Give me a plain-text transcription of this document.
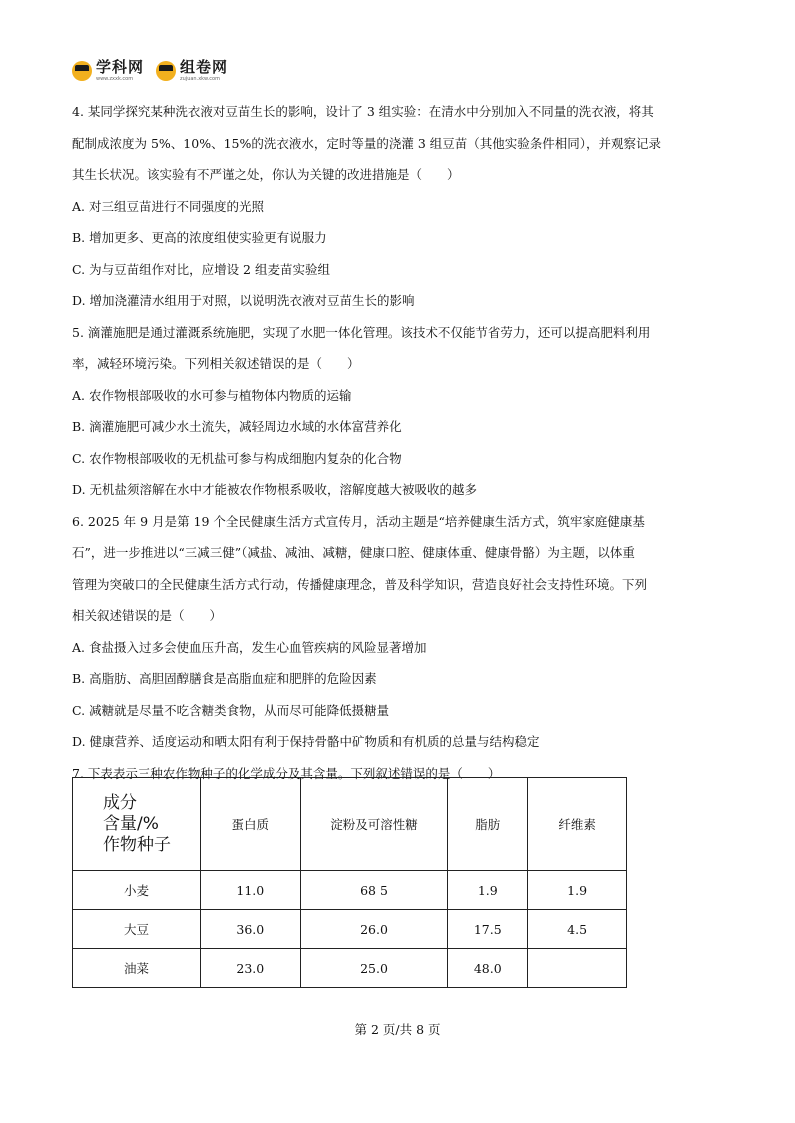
学科网
www.zxxk.com
组卷网
zujuan.xkw.com

4. 某同学探究某种洗衣液对豆苗生长的影响，设计了 3 组实验：在清水中分别加入不同量的洗衣液，将其

配制成浓度为 5%、10%、15%的洗衣液水，定时等量的浇灌 3 组豆苗（其他实验条件相同），并观察记录

其生长状况。该实验有不严谨之处，你认为关键的改进措施是（　　）

A. 对三组豆苗进行不同强度的光照

B. 增加更多、更高的浓度组使实验更有说服力

C. 为与豆苗组作对比，应增设 2 组麦苗实验组

D. 增加浇灌清水组用于对照，以说明洗衣液对豆苗生长的影响

5. 滴灌施肥是通过灌溉系统施肥，实现了水肥一体化管理。该技术不仅能节省劳力，还可以提高肥料利用

率，减轻环境污染。下列相关叙述错误的是（　　）

A. 农作物根部吸收的水可参与植物体内物质的运输

B. 滴灌施肥可减少水土流失，减轻周边水域的水体富营养化

C. 农作物根部吸收的无机盐可参与构成细胞内复杂的化合物

D. 无机盐须溶解在水中才能被农作物根系吸收，溶解度越大被吸收的越多

6. 2025 年 9 月是第 19 个全民健康生活方式宣传月，活动主题是“培养健康生活方式，筑牢家庭健康基

石”，进一步推进以“三减三健”（减盐、减油、减糖，健康口腔、健康体重、健康骨骼）为主题，以体重

管理为突破口的全民健康生活方式行动，传播健康理念，普及科学知识，营造良好社会支持性环境。下列

相关叙述错误的是（　　）

A. 食盐摄入过多会使血压升高，发生心血管疾病的风险显著增加

B. 高脂肪、高胆固醇膳食是高脂血症和肥胖的危险因素

C. 减糖就是尽量不吃含糖类食物，从而尽可能降低摄糖量

D. 健康营养、适度运动和晒太阳有利于保持骨骼中矿物质和有机质的总量与结构稳定

7. 下表表示三种农作物种子的化学成分及其含量。下列叙述错误的是（　　）

成分
含量/%
作物种子	蛋白质	淀粉及可溶性糖	脂肪	纤维素
小麦	11.0	68 5	1.9	1.9
大豆	36.0	26.0	17.5	4.5
油菜	23.0	25.0	48.0	
第 2 页/共 8 页
